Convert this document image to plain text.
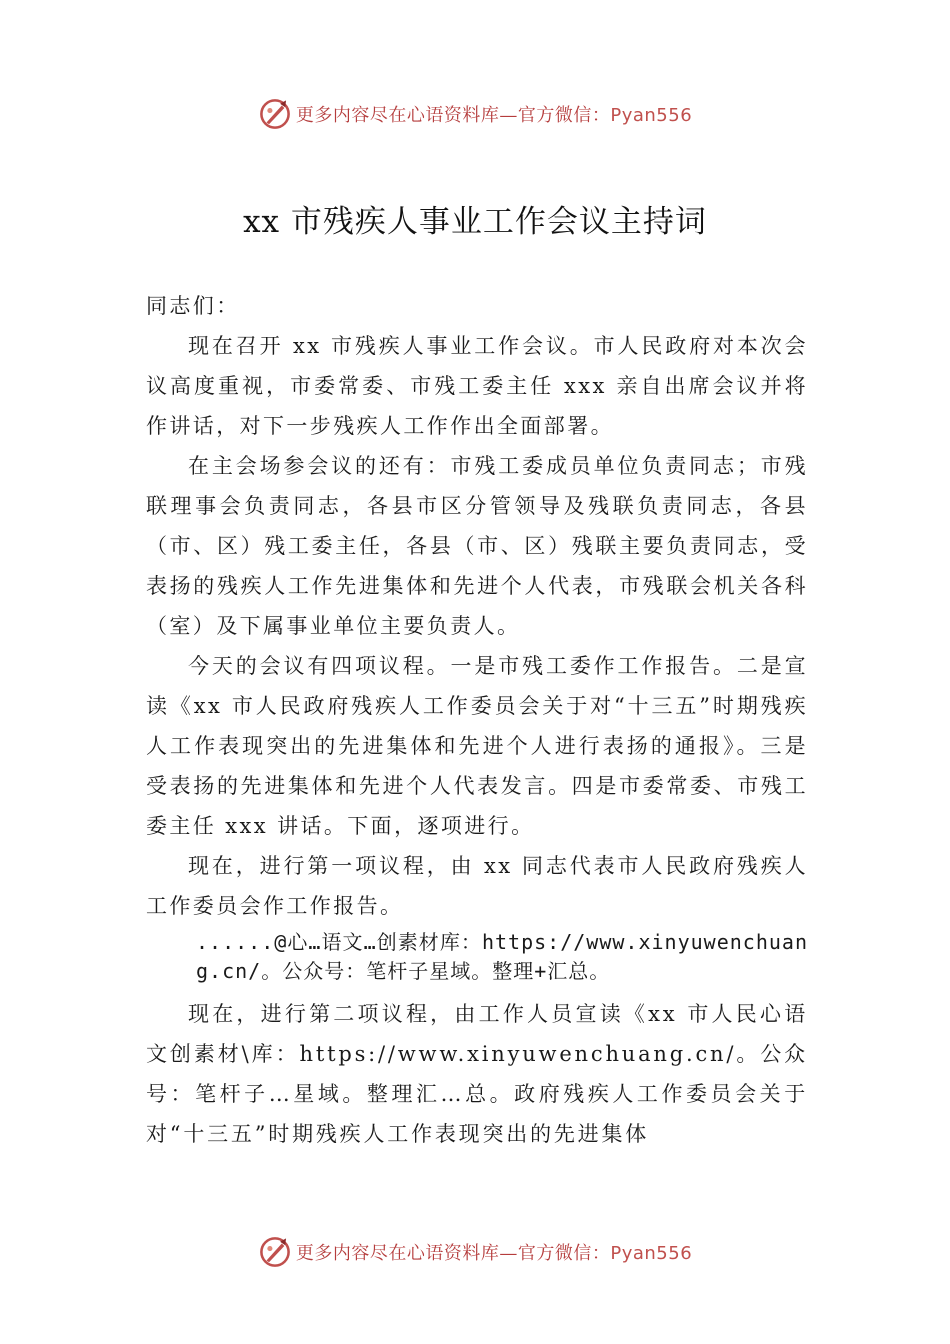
更多内容尽在心语资料库—官方微信：Pyan556
xx 市残疾人事业工作会议主持词

同志们：

现在召开 xx 市残疾人事业工作会议。市人民政府对本次会议高度重视，市委常委、市残工委主任 xxx 亲自出席会议并将作讲话，对下一步残疾人工作作出全面部署。

在主会场参会议的还有：市残工委成员单位负责同志；市残联理事会负责同志，各县市区分管领导及残联负责同志，各县（市、区）残工委主任，各县（市、区）残联主要负责同志，受表扬的残疾人工作先进集体和先进个人代表，市残联会机关各科（室）及下属事业单位主要负责人。

今天的会议有四项议程。一是市残工委作工作报告。二是宣读《xx 市人民政府残疾人工作委员会关于对“十三五”时期残疾人工作表现突出的先进集体和先进个人进行表扬的通报》。三是受表扬的先进集体和先进个人代表发言。四是市委常委、市残工委主任 xxx 讲话。下面，逐项进行。

现在，进行第一项议程，由 xx 同志代表市人民政府残疾人工作委员会作工作报告。

......@心…语文…创素材库：https://www.xinyuwenchuang.cn/。公众号：笔杆子星域。整理+汇总。

现在，进行第二项议程，由工作人员宣读《xx 市人民心语文创素材\库：https://www.xinyuwenchuang.cn/。公众号：笔杆子…星域。整理汇…总。政府残疾人工作委员会关于对“十三五”时期残疾人工作表现突出的先进集体

更多内容尽在心语资料库—官方微信：Pyan556
